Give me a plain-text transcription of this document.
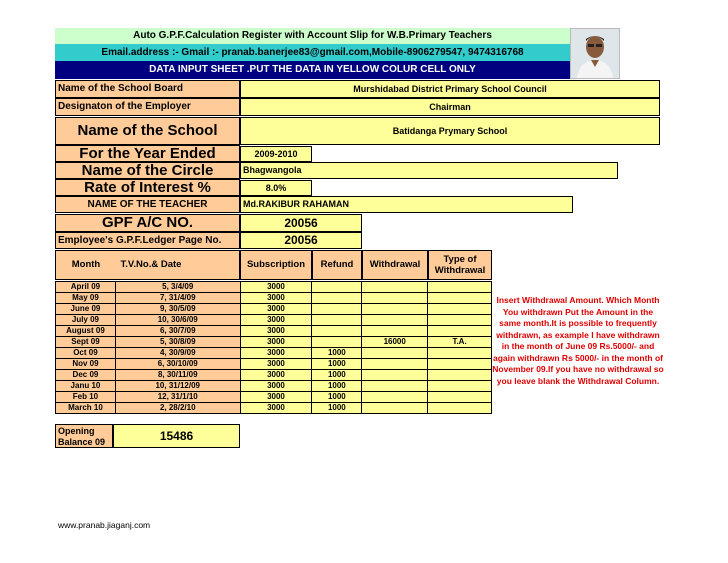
Auto G.P.F.Calculation Register with Account Slip for W.B.Primary Teachers
Email.address :- Gmail :- pranab.banerjee83@gmail.com,Mobile-8906279547, 9474316768
DATA INPUT SHEET .PUT THE DATA IN YELLOW COLUR CELL ONLY
Name of the School Board	Murshidabad District Primary School Council
Designaton of the Employer	Chairman
Name of the School	Batidanga Prymary School
For the Year Ended	2009-2010
Name of the Circle	Bhagwangola
Rate of Interest %	8.0%
NAME OF THE TEACHER	Md.RAKIBUR RAHAMAN
GPF A/C NO.	20056
Employee's G.P.F.Ledger Page No.	20056
Month	T.V.No.& Date	Subscription	Refund	Withdrawal	Type of Withdrawal
April 09	5, 3/4/09	3000			
May 09	7, 31/4/09	3000			
June 09	9, 30/5/09	3000			
July 09	10, 30/6/09	3000			
August 09	6, 30/7/09	3000			
Sept 09	5, 30/8/09	3000		16000	T.A.
Oct 09	4, 30/9/09	3000	1000		
Nov 09	6, 30/10/09	3000	1000		
Dec 09	8, 30/11/09	3000	1000		
Janu 10	10, 31/12/09	3000	1000		
Feb 10	12, 31/1/10	3000	1000		
March 10	2, 28/2/10	3000	1000		
Insert Withdrawal Amount. Which Month You withdrawn Put the Amount in the same month.It is possible to frequently withdrawn, as example I have withdrawn in the month of June 09 Rs.5000/- and again withdrawn Rs 5000/- in the month of November 09.If you have no withdrawal so you leave blank the Withdrawal Column.
Opening Balance 09	15486
www.pranab.jiaganj.com
